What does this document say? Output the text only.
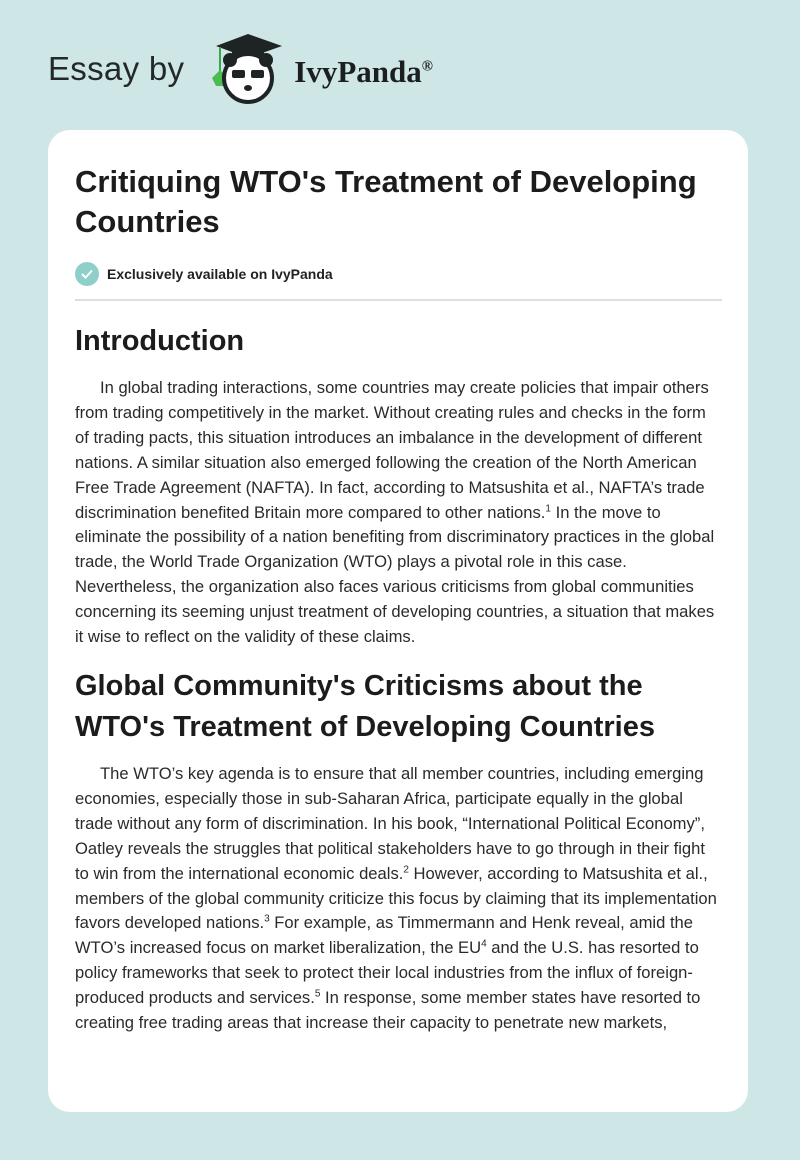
Essay by	IvyPanda®
Critiquing WTO's Treatment of Developing Countries
Exclusively available on IvyPanda
Introduction

In global trading interactions, some countries may create policies that impair others from trading competitively in the market. Without creating rules and checks in the form of trading pacts, this situation introduces an imbalance in the development of different nations. A similar situation also emerged following the creation of the North American Free Trade Agreement (NAFTA). In fact, according to Matsushita et al., NAFTA’s trade discrimination benefited Britain more compared to other nations.$^1$ In the move to eliminate the possibility of a nation benefiting from discriminatory practices in the global trade, the World Trade Organization (WTO) plays a pivotal role in this case. Nevertheless, the organization also faces various criticisms from global communities concerning its seeming unjust treatment of developing countries, a situation that makes it wise to reflect on the validity of these claims.

Global Community's Criticisms about the WTO's Treatment of Developing Countries

The WTO’s key agenda is to ensure that all member countries, including emerging economies, especially those in sub-Saharan Africa, participate equally in the global trade without any form of discrimination. In his book, “International Political Economy”, Oatley reveals the struggles that political stakeholders have to go through in their fight to win from the international economic deals.$^2$ However, according to Matsushita et al., members of the global community criticize this focus by claiming that its implementation favors developed nations.$^3$ For example, as Timmermann and Henk reveal, amid the WTO’s increased focus on market liberalization, the $EU^4$ and the U.S. has resorted to policy frameworks that seek to protect their local industries from the influx of foreign-produced products and services.$^5$ In response, some member states have resorted to creating free trading areas that increase their capacity to penetrate new markets,
